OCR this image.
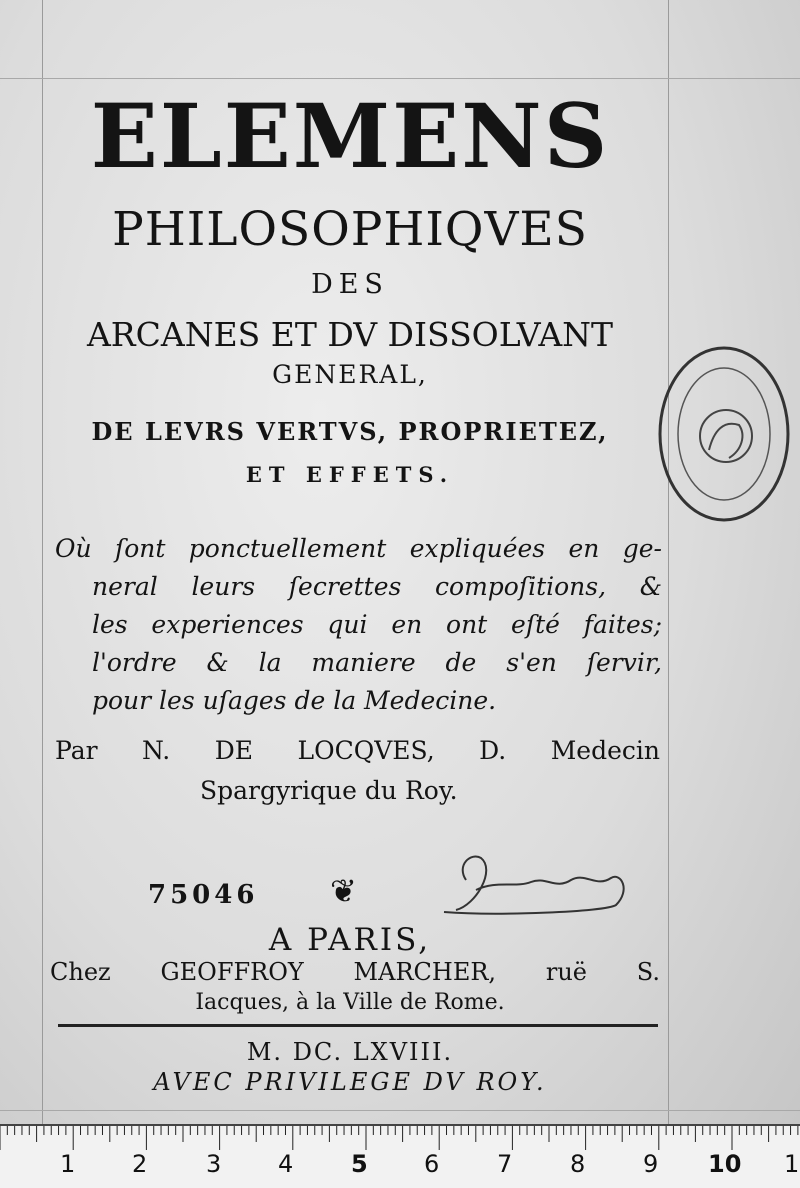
ELEMENS
PHILOSOPHIQVES
DES
ARCANES ET DV DISSOLVANT
GENERAL,
DE LEVRS VERTVS, PROPRIETEZ,
ET EFFETS.
Où ſont ponctuellement expliquées en ge-
neral leurs ſecrettes compoſitions, &
les experiences qui en ont eſté faites;
l'ordre & la maniere de s'en ſervir,
pour les uſages de la Medecine.
Par N. DE LOCQVES, D. Medecin
Spargyrique du Roy.
75046 ❦
A PARIS,
Chez GEOFFROY MARCHER, ruë S.
Iacques, à la Ville de Rome.
M. DC. LXVIII.
AVEC PRIVILEGE DV ROY.
1 2 3 4 5 6 7 8 9 10 1
